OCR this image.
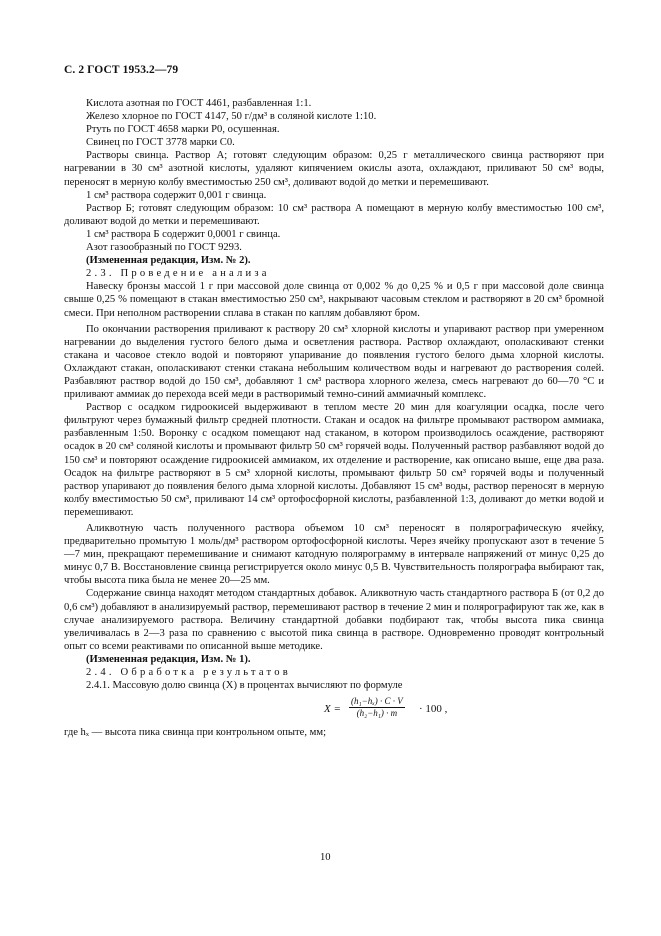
С. 2 ГОСТ 1953.2—79

Кислота азотная по ГОСТ 4461, разбавленная 1:1.

Железо хлорное по ГОСТ 4147, 50 г/дм³ в соляной кислоте 1:10.

Ртуть по ГОСТ 4658 марки Р0, осушенная.

Свинец по ГОСТ 3778 марки С0.

Растворы свинца. Раствор А; готовят следующим образом: 0,25 г металлического свинца растворяют при нагревании в 30 см³ азотной кислоты, удаляют кипячением окислы азота, охлаждают, приливают 50 см³ воды, переносят в мерную колбу вместимостью 250 см³, доливают водой до метки и перемешивают.

1 см³ раствора содержит 0,001 г свинца.

Раствор Б; готовят следующим образом: 10 см³ раствора А помещают в мерную колбу вместимостью 100 см³, доливают водой до метки и перемешивают.

1 см³ раствора Б содержит 0,0001 г свинца.

Азот газообразный по ГОСТ 9293.

(Измененная редакция, Изм. № 2).

2.3. Проведение анализа

Навеску бронзы массой 1 г при массовой доле свинца от 0,002 % до 0,25 % и 0,5 г при массовой доле свинца свыше 0,25 % помещают в стакан вместимостью 250 см³, накрывают часовым стеклом и растворяют в 20 см³ бромной смеси. При неполном растворении сплава в стакан по каплям добавляют бром.

По окончании растворения приливают к раствору 20 см³ хлорной кислоты и упаривают раствор при умеренном нагревании до выделения густого белого дыма и осветления раствора. Раствор охлаждают, ополаскивают стенки стакана и часовое стекло водой и повторяют упаривание до появления густого белого дыма хлорной кислоты. Охлаждают стакан, ополаскивают стенки стакана небольшим количеством воды и нагревают до растворения солей. Разбавляют раствор водой до 150 см³, добавляют 1 см³ раствора хлорного железа, смесь нагревают до 60—70 °С и приливают аммиак до перехода всей меди в растворимый темно-синий аммиачный комплекс.

Раствор с осадком гидроокисей выдерживают в теплом месте 20 мин для коагуляции осадка, после чего фильтруют через бумажный фильтр средней плотности. Стакан и осадок на фильтре промывают раствором аммиака, разбавленным 1:50. Воронку с осадком помещают над стаканом, в котором производилось осаждение, растворяют осадок в 20 см³ соляной кислоты и промывают фильтр 50 см³ горячей воды. Полученный раствор разбавляют водой до 150 см³ и повторяют осаждение гидроокисей аммиаком, их отделение и растворение, как описано выше, еще два раза. Осадок на фильтре растворяют в 5 см³ хлорной кислоты, промывают фильтр 50 см³ горячей воды и полученный раствор упаривают до появления белого дыма хлорной кислоты. Добавляют 15 см³ воды, раствор переносят в мерную колбу вместимостью 50 см³, приливают 14 см³ ортофосфорной кислоты, разбавленной 1:3, доливают до метки водой и перемешивают.

Аликвотную часть полученного раствора объемом 10 см³ переносят в полярографическую ячейку, предварительно промытую 1 моль/дм³ раствором ортофосфорной кислоты. Через ячейку пропускают азот в течение 5—7 мин, прекращают перемешивание и снимают катодную полярограмму в интервале напряжений от минус 0,25 до минус 0,7 В. Восстановление свинца регистрируется около минус 0,5 В. Чувствительность полярографа выбирают так, чтобы высота пика была не менее 20—25 мм.

Содержание свинца находят методом стандартных добавок. Аликвотную часть стандартного раствора Б (от 0,2 до 0,6 см³) добавляют в анализируемый раствор, перемешивают раствор в течение 2 мин и полярографируют так же, как в случае анализируемого раствора. Величину стандартной добавки подбирают так, чтобы высота пика свинца увеличивалась в 2—3 раза по сравнению с высотой пика свинца в растворе. Одновременно проводят контрольный опыт со всеми реактивами по описанной выше методике.

(Измененная редакция, Изм. № 1).

2.4. Обработка результатов

2.4.1. Массовую долю свинца (X) в процентах вычисляют по формуле

$X = \frac{\text{(h₁−hₓ) · C · V}}{\text{(h₂−h₁) · m}} \cdot 100$ ,

где hₓ — высота пика свинца при контрольном опыте, мм;

10
